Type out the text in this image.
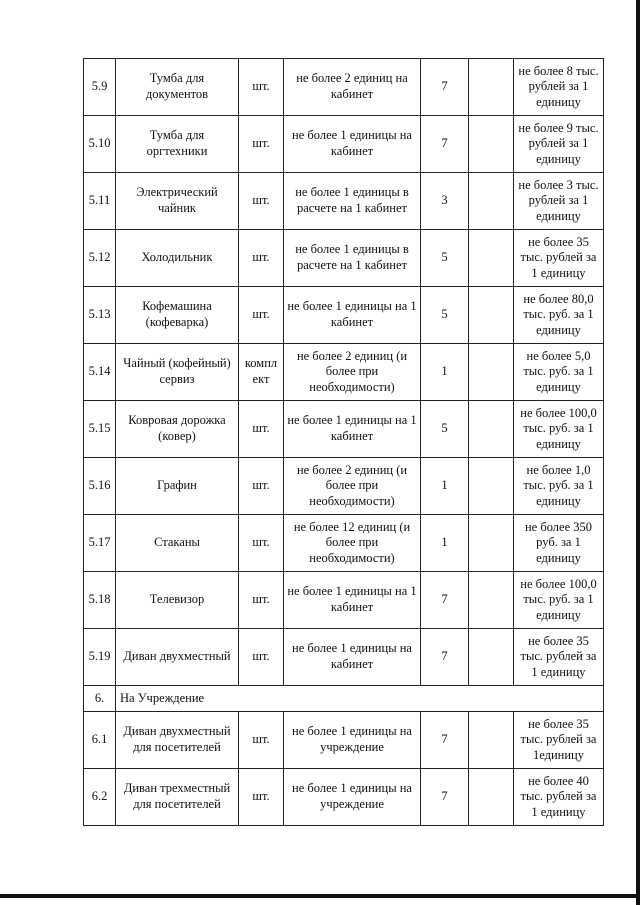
5.9	Тумба для документов	шт.	не более 2 единиц на кабинет	7		не более 8 тыс. рублей за 1 единицу
5.10	Тумба для оргтехники	шт.	не более 1 единицы на кабинет	7		не более 9 тыс. рублей за 1 единицу
5.11	Электрический чайник	шт.	не более 1 единицы в расчете на 1 кабинет	3		не более 3 тыс. рублей за 1 единицу
5.12	Холодильник	шт.	не более 1 единицы в расчете на 1 кабинет	5		не более 35 тыс. рублей за 1 единицу
5.13	Кофемашина (кофеварка)	шт.	не более 1 единицы на 1 кабинет	5		не более 80,0 тыс. руб. за 1 единицу
5.14	Чайный (кофейный) сервиз	компл ект	не более 2 единиц (и более при необходимости)	1		не более 5,0 тыс. руб. за 1 единицу
5.15	Ковровая дорожка (ковер)	шт.	не более 1 единицы на 1 кабинет	5		не более 100,0 тыс. руб. за 1 единицу
5.16	Графин	шт.	не более 2 единиц (и более при необходимости)	1		не более 1,0 тыс. руб. за 1 единицу
5.17	Стаканы	шт.	не более 12 единиц (и более при необходимости)	1		не более 350 руб. за 1 единицу
5.18	Телевизор	шт.	не более 1 единицы на 1 кабинет	7		не более 100,0 тыс. руб. за 1 единицу
5.19	Диван двухместный	шт.	не более 1 единицы на кабинет	7		не более 35 тыс. рублей за 1 единицу
6.	На Учреждение					
6.1	Диван двухместный для посетителей	шт.	не более 1 единицы на учреждение	7		не более 35 тыс. рублей за 1единицу
6.2	Диван трехместный для посетителей	шт.	не более 1 единицы на учреждение	7		не более 40 тыс. рублей за 1 единицу
